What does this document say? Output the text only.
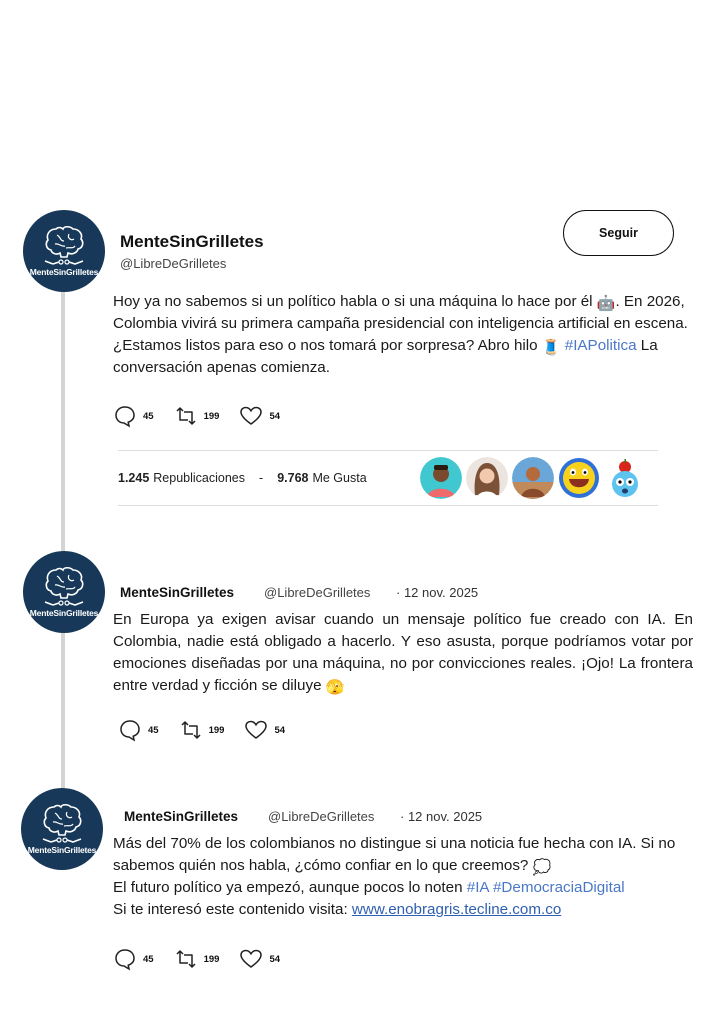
MenteSinGrilletes
MenteSinGrilletes
@LibreDeGrilletes
Seguir
Hoy ya no sabemos si un político habla o si una máquina lo hace por él 🤖. En 2026, Colombia vivirá su primera campaña presidencial con inteligencia artificial en escena. ¿Estamos listos para eso o nos tomará por sorpresa? Abro hilo 🧵 #IAPolitica La conversación apenas comienza.
45	199	54
1.245 Republicaciones - 9.768 Me Gusta
MenteSinGrilletes
MenteSinGrilletes @LibreDeGrilletes · 12 nov. 2025
En Europa ya exigen avisar cuando un mensaje político fue creado con IA. En Colombia, nadie está obligado a hacerlo. Y eso asusta, porque podríamos votar por emociones diseñadas por una máquina, no por convicciones reales. ¡Ojo! La frontera entre verdad y ficción se diluye 🫣
45	199	54
MenteSinGrilletes
MenteSinGrilletes @LibreDeGrilletes · 12 nov. 2025
Más del 70% de los colombianos no distingue si una noticia fue hecha con IA. Si no sabemos quién nos habla, ¿cómo confiar en lo que creemos? 💭
El futuro político ya empezó, aunque pocos lo noten #IA #DemocraciaDigital
Si te interesó este contenido visita: www.enobragris.tecline.com.co
45	199	54
